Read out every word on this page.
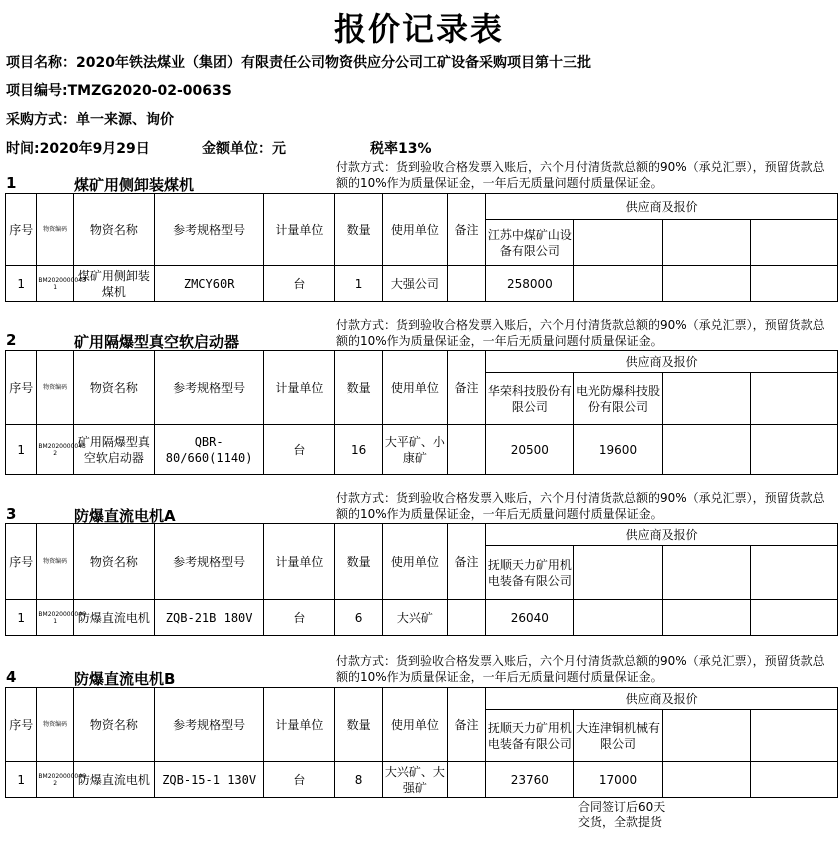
报价记录表
项目名称：2020年铁法煤业（集团）有限责任公司物资供应分公司工矿设备采购项目第十三批
项目编号:TMZG2020-02-0063S
采购方式：单一来源、询价
时间:2020年9月29日	金额单位：元	税率13%
1	煤矿用侧卸装煤机
付款方式：货到验收合格发票入账后，六个月付清货款总额的90%（承兑汇票），预留货款总额的10%作为质量保证金，一年后无质量问题付质量保证金。
序号	物资编码	物资名称	参考规格型号	计量单位	数量	使用单位	备注	供应商及报价			
								江苏中煤矿山设备有限公司			
1	BM2020000043 1	煤矿用侧卸装煤机	ZMCY60R	台	1	大强公司		258000			
2	矿用隔爆型真空软启动器
付款方式：货到验收合格发票入账后，六个月付清货款总额的90%（承兑汇票），预留货款总额的10%作为质量保证金，一年后无质量问题付质量保证金。
序号	物资编码	物资名称	参考规格型号	计量单位	数量	使用单位	备注	供应商及报价			
								华荣科技股份有限公司	电光防爆科技股份有限公司		
1	BM2020000043 2	矿用隔爆型真空软启动器	QBR-80/660(1140)	台	16	大平矿、小康矿		20500	19600		
3	防爆直流电机A
付款方式：货到验收合格发票入账后，六个月付清货款总额的90%（承兑汇票），预留货款总额的10%作为质量保证金，一年后无质量问题付质量保证金。
序号	物资编码	物资名称	参考规格型号	计量单位	数量	使用单位	备注	供应商及报价			
								抚顺天力矿用机电装备有限公司			
1	BM2020000046 1	防爆直流电机	ZQB-21B 180V	台	6	大兴矿		26040			
4	防爆直流电机B
付款方式：货到验收合格发票入账后，六个月付清货款总额的90%（承兑汇票），预留货款总额的10%作为质量保证金，一年后无质量问题付质量保证金。
序号	物资编码	物资名称	参考规格型号	计量单位	数量	使用单位	备注	供应商及报价			
								抚顺天力矿用机电装备有限公司	大连津铜机械有限公司		
1	BM2020000046 2	防爆直流电机	ZQB-15-1 130V	台	8	大兴矿、大强矿		23760	17000		
合同签订后60天交货，全款提货
